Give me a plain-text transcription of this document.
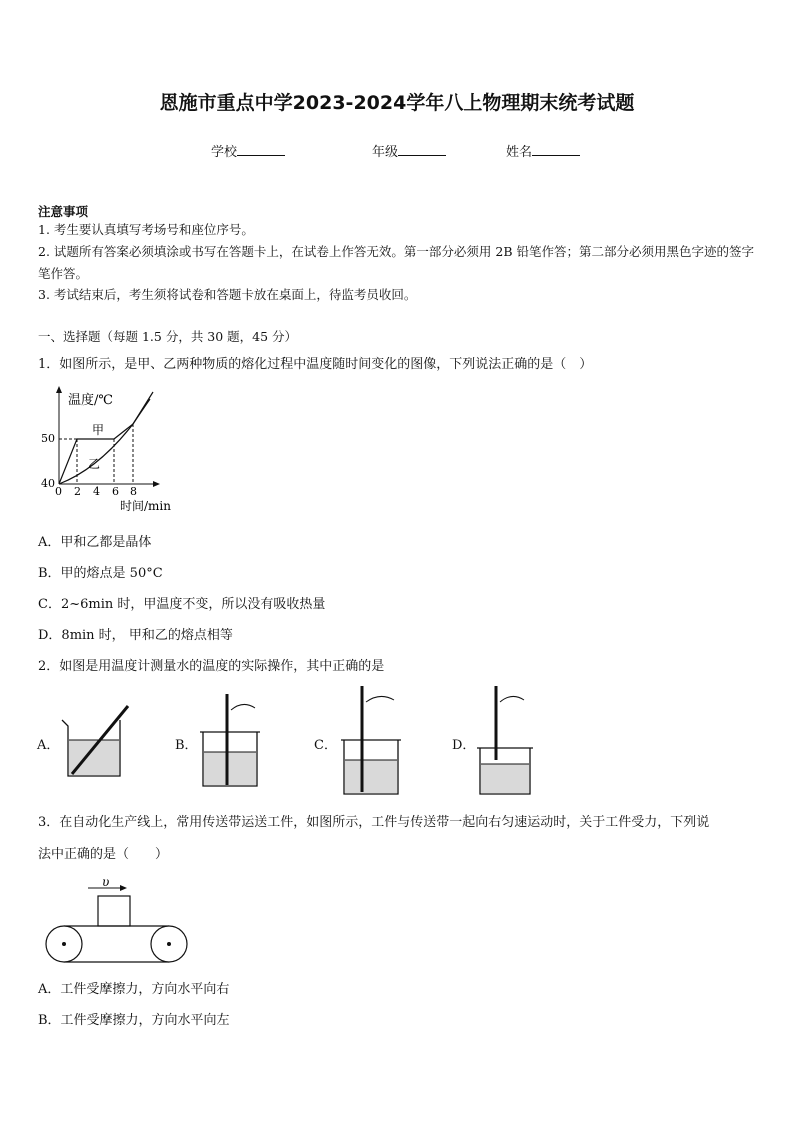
恩施市重点中学2023-2024学年八上物理期末统考试题
学校	年级	姓名
注意事项
1. 考生要认真填写考场号和座位序号。
2. 试题所有答案必须填涂或书写在答题卡上，在试卷上作答无效。第一部分必须用 2B 铅笔作答；第二部分必须用黑色字迹的签字笔作答。
3. 考试结束后，考生须将试卷和答题卡放在桌面上，待监考员收回。
一、选择题（每题 1.5 分，共 30 题，45 分）
1．如图所示，是甲、乙两种物质的熔化过程中温度随时间变化的图像，下列说法正确的是（　）
温度/℃
时间/min
50
40
0 2 4 6 8
甲
乙
A．甲和乙都是晶体
B．甲的熔点是 50°C
C．2~6min 时，甲温度不变，所以没有吸收热量
D．8min 时， 甲和乙的熔点相等
2．如图是用温度计测量水的温度的实际操作，其中正确的是
A．	B．	C．	D．
3．在自动化生产线上，常用传送带运送工件，如图所示，工件与传送带一起向右匀速运动时，关于工件受力，下列说
法中正确的是（　　）
υ
A．工件受摩擦力，方向水平向右
B．工件受摩擦力，方向水平向左
